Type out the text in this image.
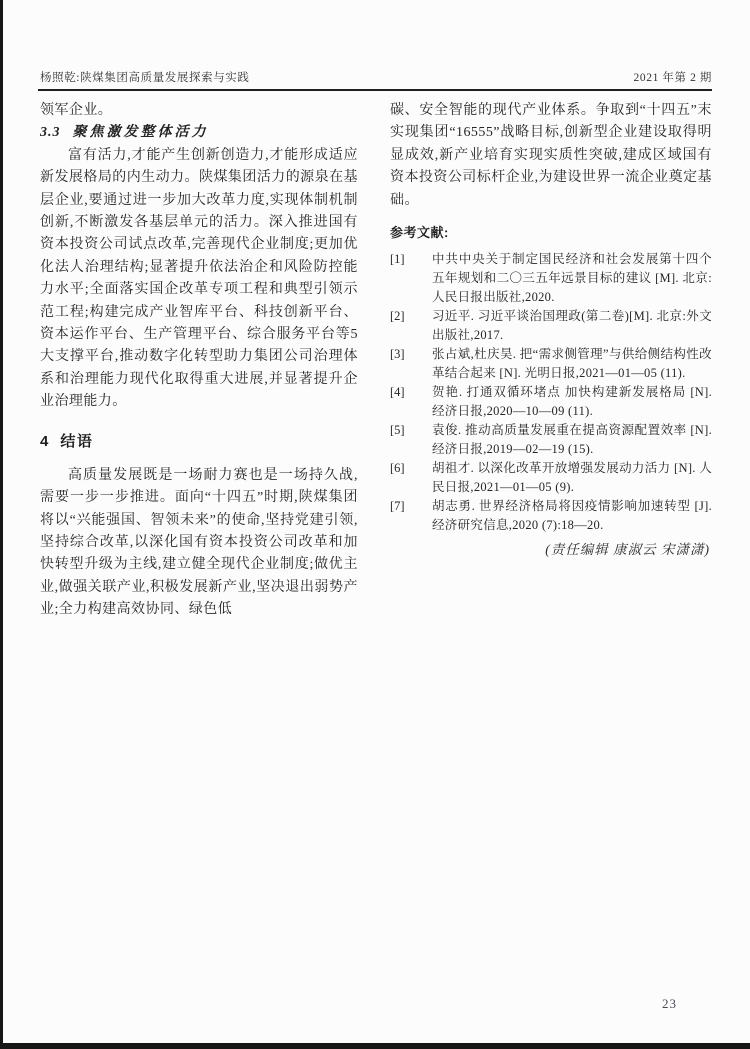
杨照乾:陕煤集团高质量发展探索与实践	2021 年第 2 期

领军企业。

3.3 聚焦激发整体活力

富有活力,才能产生创新创造力,才能形成适应新发展格局的内生动力。陕煤集团活力的源泉在基层企业,要通过进一步加大改革力度,实现体制机制创新,不断激发各基层单元的活力。深入推进国有资本投资公司试点改革,完善现代企业制度;更加优化法人治理结构;显著提升依法治企和风险防控能力水平;全面落实国企改革专项工程和典型引领示范工程;构建完成产业智库平台、科技创新平台、资本运作平台、生产管理平台、综合服务平台等5大支撑平台,推动数字化转型助力集团公司治理体系和治理能力现代化取得重大进展,并显著提升企业治理能力。

4 结语

高质量发展既是一场耐力赛也是一场持久战,需要一步一步推进。面向“十四五”时期,陕煤集团将以“兴能强国、智领未来”的使命,坚持党建引领,坚持综合改革,以深化国有资本投资公司改革和加快转型升级为主线,建立健全现代企业制度;做优主业,做强关联产业,积极发展新产业,坚决退出弱势产业;全力构建高效协同、绿色低

碳、安全智能的现代产业体系。争取到“十四五”末实现集团“16555”战略目标,创新型企业建设取得明显成效,新产业培育实现实质性突破,建成区域国有资本投资公司标杆企业,为建设世界一流企业奠定基础。

参考文献:
[1]	中共中央关于制定国民经济和社会发展第十四个五年规划和二〇三五年远景目标的建议 [M]. 北京:人民日报出版社,2020.
[2]	习近平. 习近平谈治国理政(第二卷)[M]. 北京:外文出版社,2017.
[3]	张占斌,杜庆昊. 把“需求侧管理”与供给侧结构性改革结合起来 [N]. 光明日报,2021—01—05 (11).
[4]	贺艳. 打通双循环堵点 加快构建新发展格局 [N]. 经济日报,2020—10—09 (11).
[5]	袁俊. 推动高质量发展重在提高资源配置效率 [N]. 经济日报,2019—02—19 (15).
[6]	胡祖才. 以深化改革开放增强发展动力活力 [N]. 人民日报,2021—01—05 (9).
[7]	胡志勇. 世界经济格局将因疫情影响加速转型 [J]. 经济研究信息,2020 (7):18—20.

(责任编辑 康淑云 宋潇潇)

23
